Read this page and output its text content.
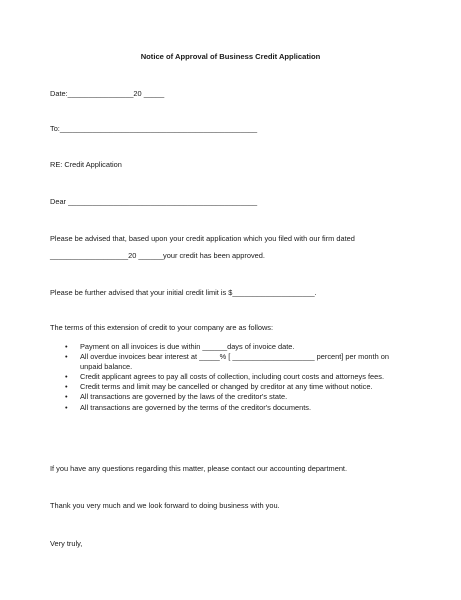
Notice of Approval of Business Credit Application
Date:________________20 _____
To:________________________________________________
RE: Credit Application
Dear ______________________________________________
Please be advised that, based upon your credit application which you filed with our firm dated
___________________20 ______your credit has been approved.
Please be further advised that your initial credit limit is $____________________.
The terms of this extension of credit to your company are as follows:
• Payment on all invoices is due within ______days of invoice date.
• All overdue invoices bear interest at _____% [ ____________________ percent] per month on unpaid balance.
• Credit applicant agrees to pay all costs of collection, including court costs and attorneys fees.
• Credit terms and limit may be cancelled or changed by creditor at any time without notice.
• All transactions are governed by the laws of the creditor's state.
• All transactions are governed by the terms of the creditor's documents.
If you have any questions regarding this matter, please contact our accounting department.
Thank you very much and we look forward to doing business with you.
Very truly,
